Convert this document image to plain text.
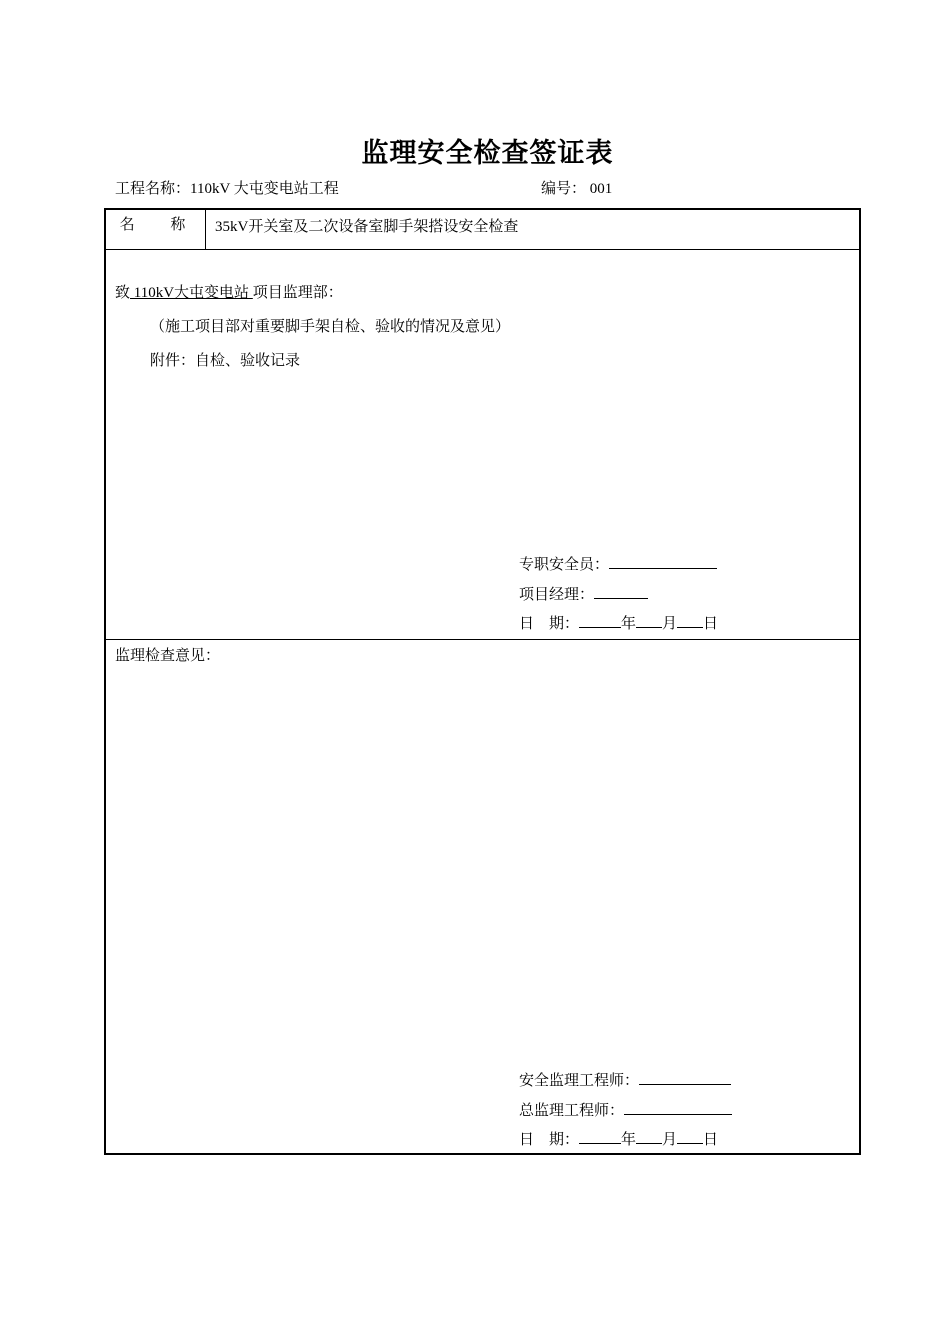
监理安全检查签证表
工程名称：110kV 大屯变电站工程	编号： 001
名 称 35kV开关室及二次设备室脚手架搭设安全检查
致 110kV大屯变电站 项目监理部：
（施工项目部对重要脚手架自检、验收的情况及意见）
附件：自检、验收记录
专职安全员：
项目经理：
日　期：	年 月 日
监理检查意见：
安全监理工程师：
总监理工程师：
日　期：	年 月 日
